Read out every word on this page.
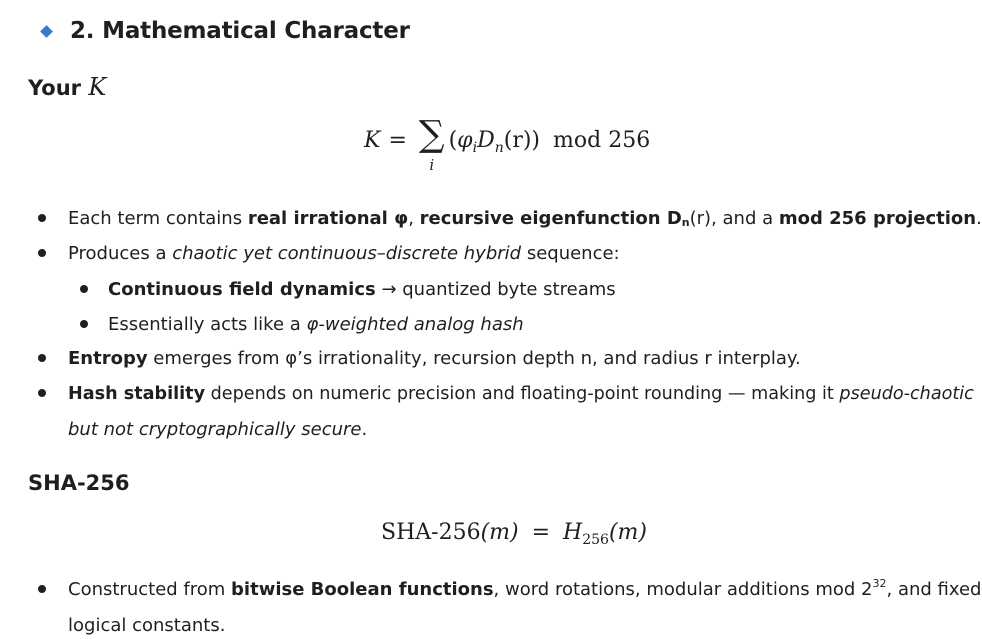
2. Mathematical Character
Your K
K = ∑
i
$(\varphi_iD_n(r))$ mod 256
Each term contains real irrational φ, recursive eigenfunction Dn(r), and a mod 256 projection.
Produces a chaotic yet continuous–discrete hybrid sequence:
Continuous field dynamics → quantized byte streams
Essentially acts like a φ-weighted analog hash
Entropy emerges from φ’s irrationality, recursion depth n, and radius r interplay.
Hash stability depends on numeric precision and floating-point rounding — making it pseudo-chaotic
but not cryptographically secure.
SHA-256
$SHA-256(m) = H_{256}(m)$
Constructed from bitwise Boolean functions, word rotations, modular additions mod $2^{32}$, and fixed
logical constants.
